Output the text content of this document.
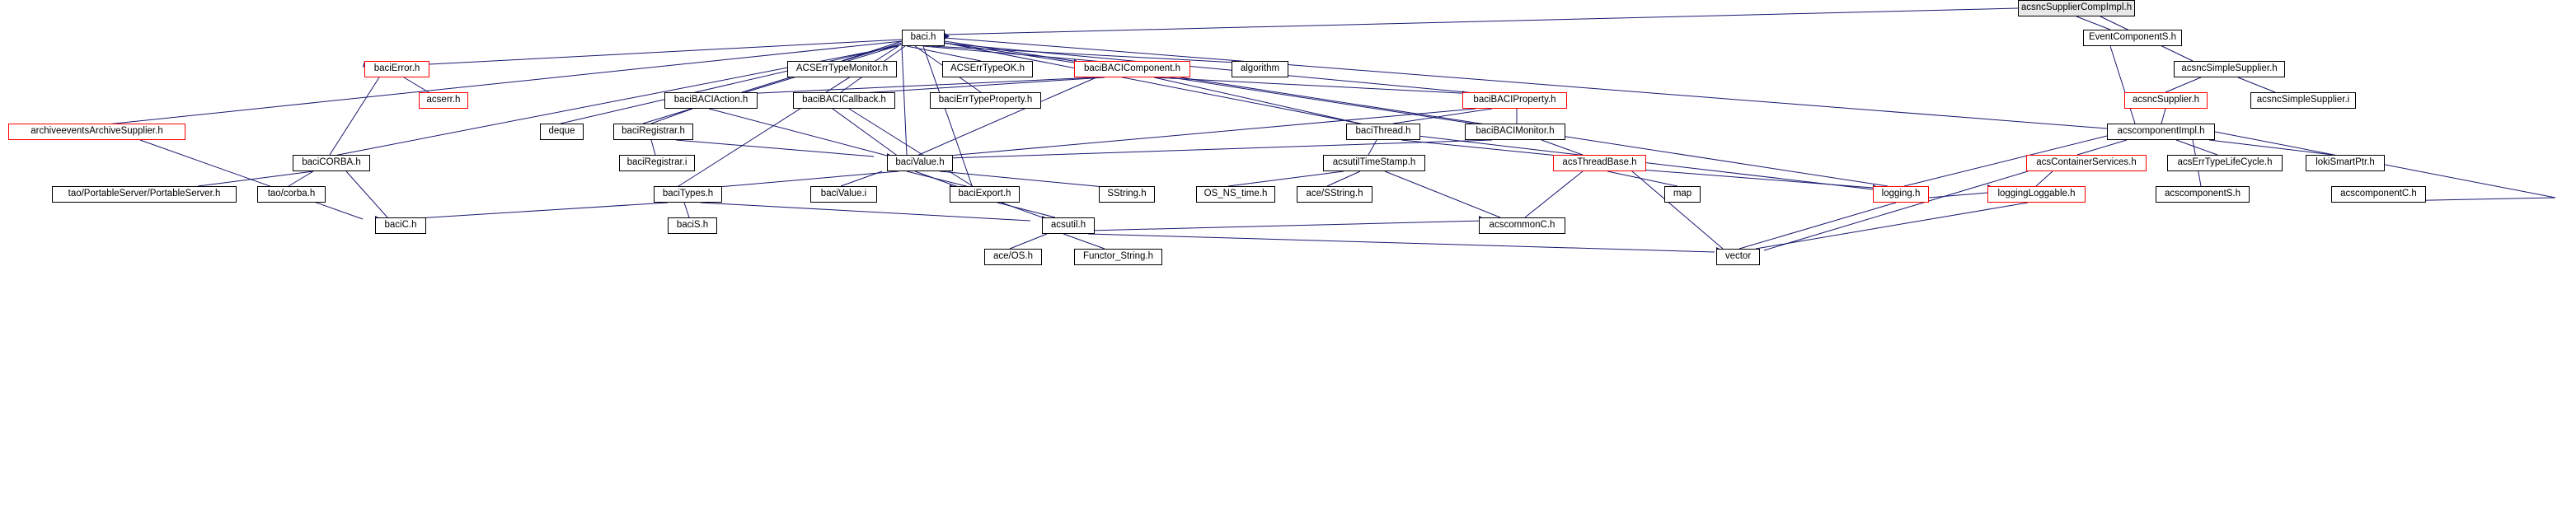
acsncSupplierCompImpl.h
baci.h	EventComponentS.h
acsncSimpleSupplier.h
baciError.h	ACSErrTypeMonitor.h	ACSErrTypeOK.h	baciBACIComponent.h	algorithm
acsncSupplier.h	acsncSimpleSupplier.i
acserr.h	baciBACIAction.h	baciBACICallback.h	baciErrTypeProperty.h	baciBACIProperty.h
archiveeventsArchiveSupplier.h	deque	baciRegistrar.h	baciThread.h	baciBACIMonitor.h	acscomponentImpl.h
baciCORBA.h	baciRegistrar.i	baciValue.h	acsutilTimeStamp.h	acsThreadBase.h	acsContainerServices.h	acsErrTypeLifeCycle.h	lokiSmartPtr.h
tao/PortableServer/PortableServer.h	tao/corba.h	baciTypes.h	baciValue.i	baciExport.h	SString.h	OS_NS_time.h	ace/SString.h	map	logging.h	loggingLoggable.h	acscomponentS.h	acscomponentC.h
baciC.h	baciS.h	acsutil.h	acscommonC.h
vector
ace/OS.h	Functor_String.h
